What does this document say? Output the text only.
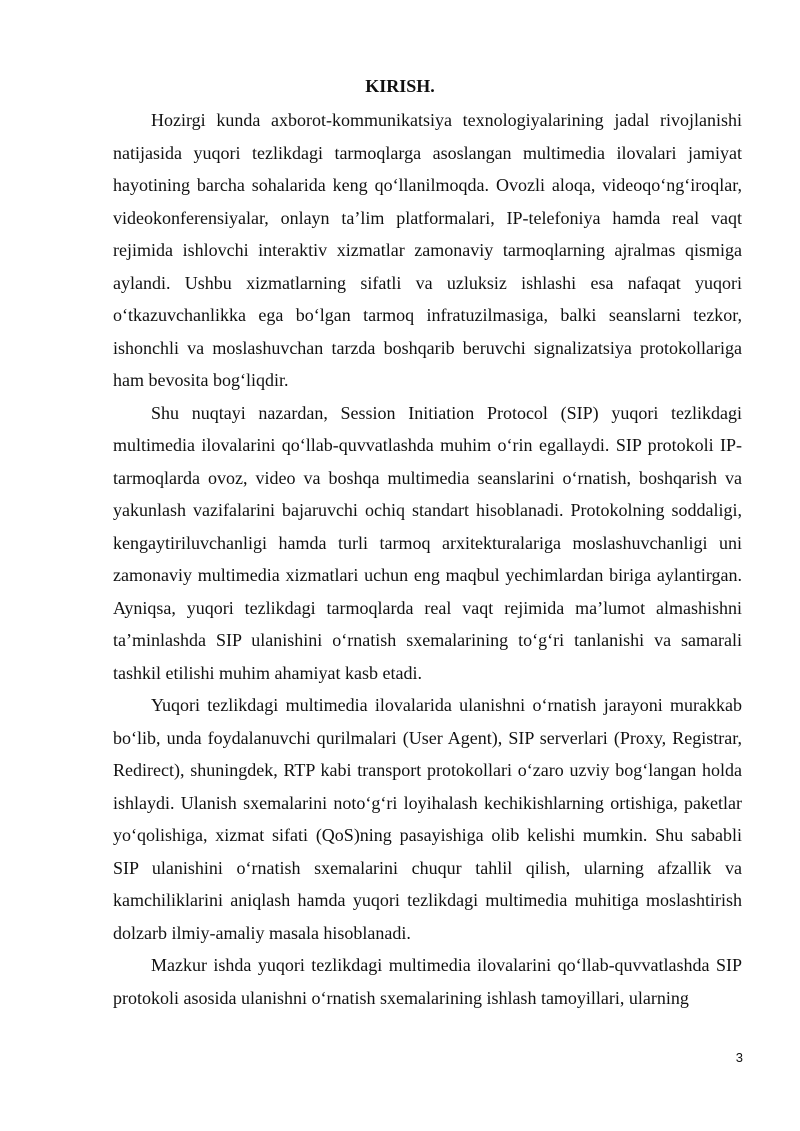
KIRISH.

Hozirgi kunda axborot-kommunikatsiya texnologiyalarining jadal rivojlanishi natijasida yuqori tezlikdagi tarmoqlarga asoslangan multimedia ilovalari jamiyat hayotining barcha sohalarida keng qo‘llanilmoqda. Ovozli aloqa, videoqo‘ng‘iroqlar, videokonferensiyalar, onlayn ta’lim platformalari, IP-telefoniya hamda real vaqt rejimida ishlovchi interaktiv xizmatlar zamonaviy tarmoqlarning ajralmas qismiga aylandi. Ushbu xizmatlarning sifatli va uzluksiz ishlashi esa nafaqat yuqori o‘tkazuvchanlikka ega bo‘lgan tarmoq infratuzilmasiga, balki seanslarni tezkor, ishonchli va moslashuvchan tarzda boshqarib beruvchi signalizatsiya protokollariga ham bevosita bog‘liqdir.

Shu nuqtayi nazardan, Session Initiation Protocol (SIP) yuqori tezlikdagi multimedia ilovalarini qo‘llab-quvvatlashda muhim o‘rin egallaydi. SIP protokoli IP-tarmoqlarda ovoz, video va boshqa multimedia seanslarini o‘rnatish, boshqarish va yakunlash vazifalarini bajaruvchi ochiq standart hisoblanadi. Protokolning soddaligi, kengaytiriluvchanligi hamda turli tarmoq arxitekturalariga moslashuvchanligi uni zamonaviy multimedia xizmatlari uchun eng maqbul yechimlardan biriga aylantirgan. Ayniqsa, yuqori tezlikdagi tarmoqlarda real vaqt rejimida ma’lumot almashishni ta’minlashda SIP ulanishini o‘rnatish sxemalarining to‘g‘ri tanlanishi va samarali tashkil etilishi muhim ahamiyat kasb etadi.

Yuqori tezlikdagi multimedia ilovalarida ulanishni o‘rnatish jarayoni murakkab bo‘lib, unda foydalanuvchi qurilmalari (User Agent), SIP serverlari (Proxy, Registrar, Redirect), shuningdek, RTP kabi transport protokollari o‘zaro uzviy bog‘langan holda ishlaydi. Ulanish sxemalarini noto‘g‘ri loyihalash kechikishlarning ortishiga, paketlar yo‘qolishiga, xizmat sifati (QoS)ning pasayishiga olib kelishi mumkin. Shu sababli SIP ulanishini o‘rnatish sxemalarini chuqur tahlil qilish, ularning afzallik va kamchiliklarini aniqlash hamda yuqori tezlikdagi multimedia muhitiga moslashtirish dolzarb ilmiy-amaliy masala hisoblanadi.

Mazkur ishda yuqori tezlikdagi multimedia ilovalarini qo‘llab-quvvatlashda SIP protokoli asosida ulanishni o‘rnatish sxemalarining ishlash tamoyillari, ularning

3
